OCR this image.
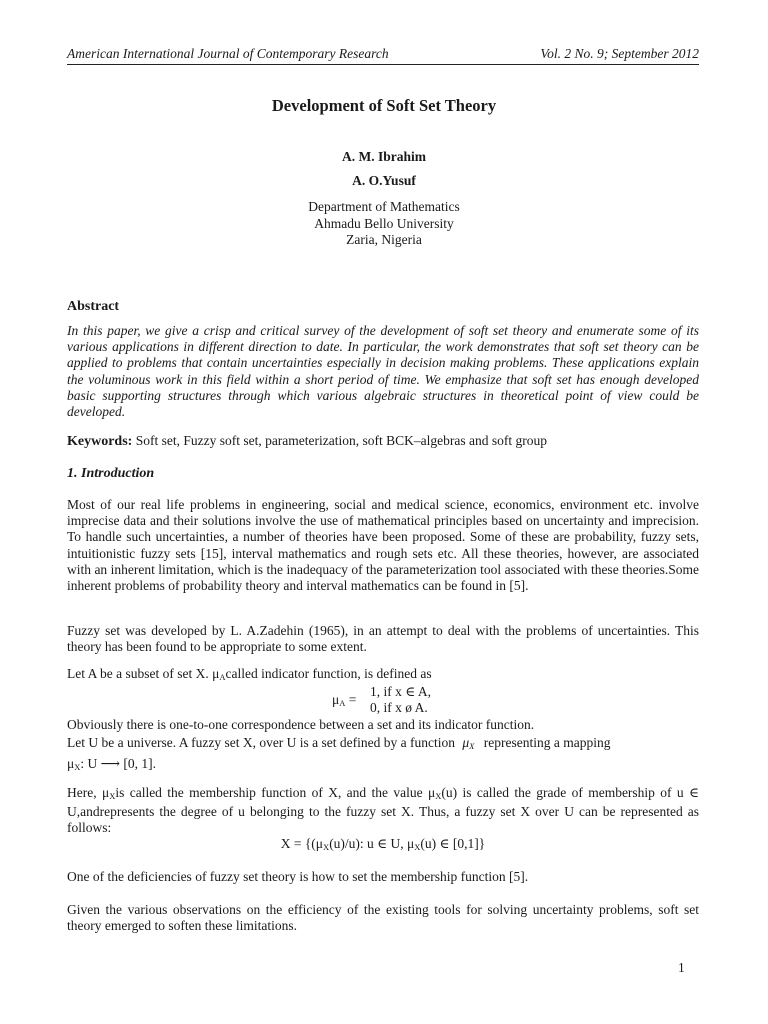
American International Journal of Contemporary Research	Vol. 2 No. 9; September 2012
Development of Soft Set Theory
A. M. Ibrahim
A. O.Yusuf
Department of Mathematics
Ahmadu Bello University
Zaria, Nigeria
Abstract
In this paper, we give a crisp and critical survey of the development of soft set theory and enumerate some of its various applications in different direction to date. In particular, the work demonstrates that soft set theory can be applied to problems that contain uncertainties especially in decision making problems. These applications explain the voluminous work in this field within a short period of time. We emphasize that soft set has enough developed basic supporting structures through which various algebraic structures in theoretical point of view could be developed.
Keywords: Soft set, Fuzzy soft set, parameterization, soft BCK–algebras and soft group
1. Introduction
Most of our real life problems in engineering, social and medical science, economics, environment etc. involve imprecise data and their solutions involve the use of mathematical principles based on uncertainty and imprecision. To handle such uncertainties, a number of theories have been proposed. Some of these are probability, fuzzy sets, intuitionistic fuzzy sets [15], interval mathematics and rough sets etc. All these theories, however, are associated with an inherent limitation, which is the inadequacy of the parameterization tool associated with these theories.Some inherent problems of probability theory and interval mathematics can be found in [5].
Fuzzy set was developed by L. A.Zadehin (1965), in an attempt to deal with the problems of uncertainties. This theory has been found to be appropriate to some extent.
Let A be a subset of set X. $\mu_Acalled$ indicator function, is defined as
$\mu_A$ =
1, if x ∈ A,
0, if x ø A.
Obviously there is one-to-one correspondence between a set and its indicator function.
Let U be a universe. A fuzzy set X, over U is a set defined by a function $\mu_X$ representing a mapping
$\mu_X$: U ⟶ [0, 1].
Here, $\mu_Xis$ called the membership function of X, and the value $\mu_X(u)$ is called the grade of membership of u ∈ U,andrepresents the degree of u belonging to the fuzzy set X. Thus, a fuzzy set X over U can be represented as follows:
$X = \{(\mu_X(u)/u)$: u ∈ U, $\mu_X(u)$ ∈ [0,1]}
One of the deficiencies of fuzzy set theory is how to set the membership function [5].
Given the various observations on the efficiency of the existing tools for solving uncertainty problems, soft set theory emerged to soften these limitations.
1
